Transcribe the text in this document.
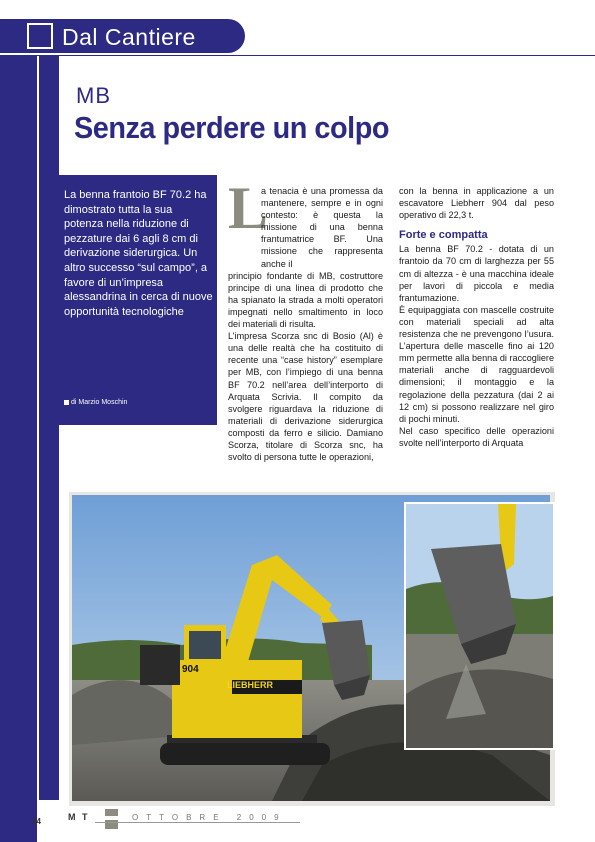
Dal Cantiere
MB
Senza perdere un colpo
La benna frantoio BF 70.2 ha dimostrato tutta la sua potenza nella riduzione di pezzature dai 6 agli 8 cm di derivazione siderurgica. Un altro successo “sul campo”, a favore di un’impresa alessandrina in cerca di nuove opportunità tecnologiche
di Marzio Moschin
L

a tenacia è una promessa da mantenere, sempre e in ogni contesto: è questa la missione di una benna frantumatrice BF. Una missione che rappresenta anche il

principio fondante di MB, costruttore principe di una linea di prodotto che ha spianato la strada a molti operatori impegnati nello smaltimento in loco dei materiali di risulta.

L’impresa Scorza snc di Bosio (Al) è una delle realtà che ha costituito di recente una “case history” esemplare per MB, con l’impiego di una benna BF 70.2 nell’area dell’interporto di Arquata Scrivia. Il compito da svolgere riguardava la riduzione di materiali di derivazione siderurgica composti da ferro e silicio. Damiano Scorza, titolare di Scorza snc, ha svolto di persona tutte le operazioni,

con la benna in applicazione a un escavatore Liebherr 904 dal peso operativo di 22,3 t.

Forte e compatta

La benna BF 70.2 - dotata di un frantoio da 70 cm di larghezza per 55 cm di altezza - è una macchina ideale per lavori di piccola e media frantumazione.

È equipaggiata con mascelle costruite con materiali speciali ad alta resistenza che ne prevengono l’usura. L’apertura delle mascelle fino ai 120 mm permette alla benna di raccogliere materiali anche di ragguardevoli dimensioni; il montaggio e la regolazione della pezzatura (dai 2 ai 12 cm) si possono realizzare nel giro di pochi minuti.

Nel caso specifico delle operazioni svolte nell’interporto di Arquata

904
LIEBHERR
24	M T	OTTOBRE 2009
